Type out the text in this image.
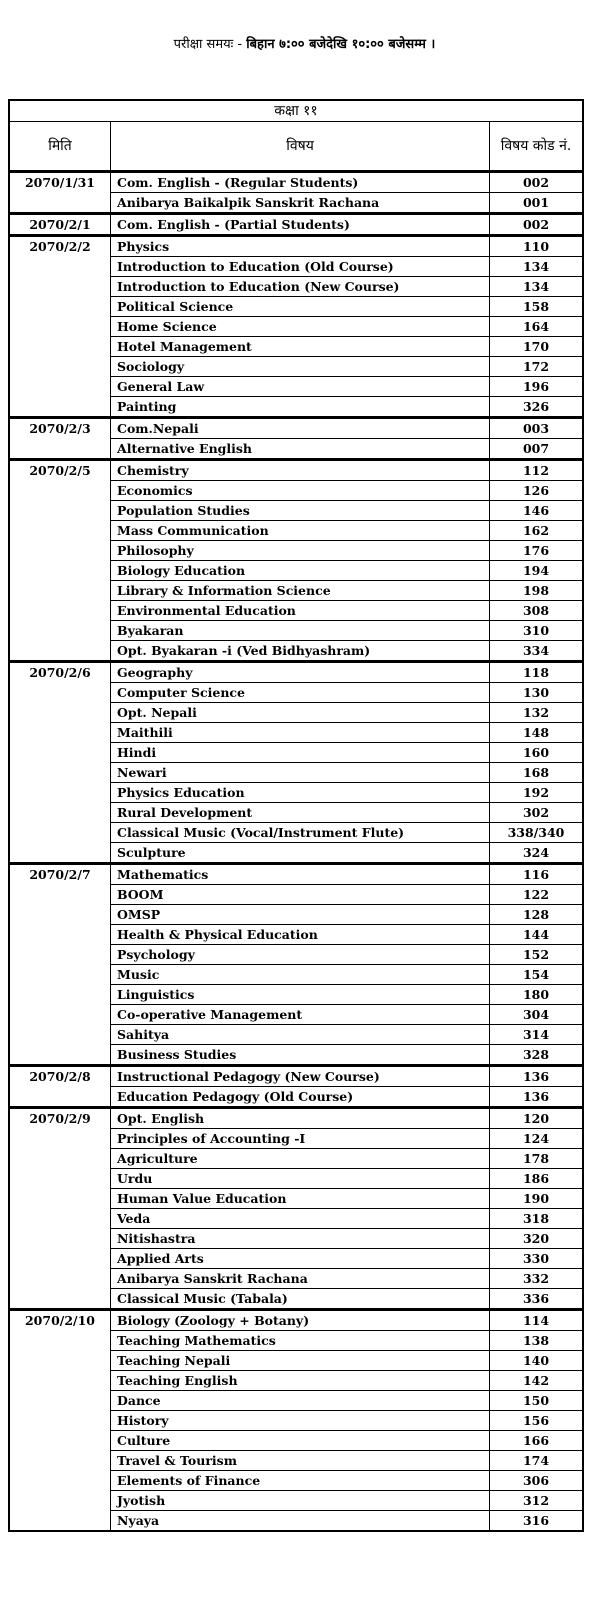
परीक्षा समयः - बिहान ७:०० बजेदेखि १०:०० बजेसम्म ।
कक्षा ११		
मिति	विषय	विषय कोड नं.
2070/1/31	Com. English - (Regular Students)	002
	Anibarya Baikalpik Sanskrit Rachana	001
2070/2/1	Com. English - (Partial Students)	002
2070/2/2	Physics	110
	Introduction to Education (Old Course)	134
	Introduction to Education (New Course)	134
	Political Science	158
	Home Science	164
	Hotel Management	170
	Sociology	172
	General Law	196
	Painting	326
2070/2/3	Com.Nepali	003
	Alternative English	007
2070/2/5	Chemistry	112
	Economics	126
	Population Studies	146
	Mass Communication	162
	Philosophy	176
	Biology Education	194
	Library & Information Science	198
	Environmental Education	308
	Byakaran	310
	Opt. Byakaran -i (Ved Bidhyashram)	334
2070/2/6	Geography	118
	Computer Science	130
	Opt. Nepali	132
	Maithili	148
	Hindi	160
	Newari	168
	Physics Education	192
	Rural Development	302
	Classical Music (Vocal/Instrument Flute)	338/340
	Sculpture	324
2070/2/7	Mathematics	116
	BOOM	122
	OMSP	128
	Health & Physical Education	144
	Psychology	152
	Music	154
	Linguistics	180
	Co-operative Management	304
	Sahitya	314
	Business Studies	328
2070/2/8	Instructional Pedagogy (New Course)	136
	Education Pedagogy (Old Course)	136
2070/2/9	Opt. English	120
	Principles of Accounting -I	124
	Agriculture	178
	Urdu	186
	Human Value Education	190
	Veda	318
	Nitishastra	320
	Applied Arts	330
	Anibarya Sanskrit Rachana	332
	Classical Music (Tabala)	336
2070/2/10	Biology (Zoology + Botany)	114
	Teaching Mathematics	138
	Teaching Nepali	140
	Teaching English	142
	Dance	150
	History	156
	Culture	166
	Travel & Tourism	174
	Elements of Finance	306
	Jyotish	312
	Nyaya	316
